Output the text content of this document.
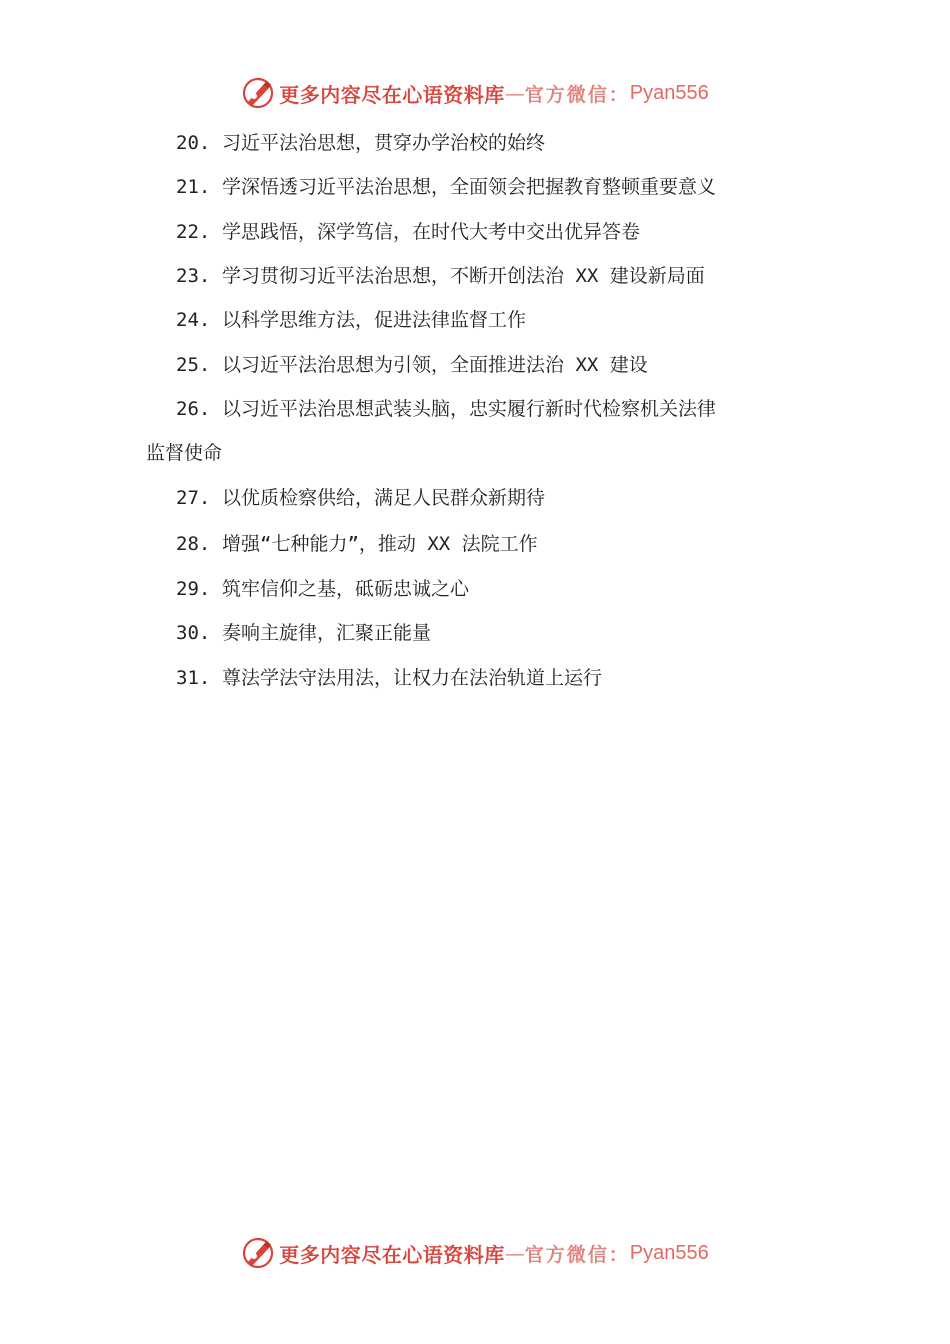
更多内容尽在心语资料库 — 官方微信： Pyan556
20. 习近平法治思想，贯穿办学治校的始终
21. 学深悟透习近平法治思想，全面领会把握教育整顿重要意义
22. 学思践悟，深学笃信，在时代大考中交出优异答卷
23. 学习贯彻习近平法治思想，不断开创法治 XX 建设新局面
24. 以科学思维方法，促进法律监督工作
25. 以习近平法治思想为引领，全面推进法治 XX 建设
26. 以习近平法治思想武装头脑，忠实履行新时代检察机关法律
监督使命
27. 以优质检察供给，满足人民群众新期待
28. 增强“七种能力”，推动 XX 法院工作
29. 筑牢信仰之基，砥砺忠诚之心
30. 奏响主旋律，汇聚正能量
31. 尊法学法守法用法，让权力在法治轨道上运行
更多内容尽在心语资料库 — 官方微信： Pyan556
